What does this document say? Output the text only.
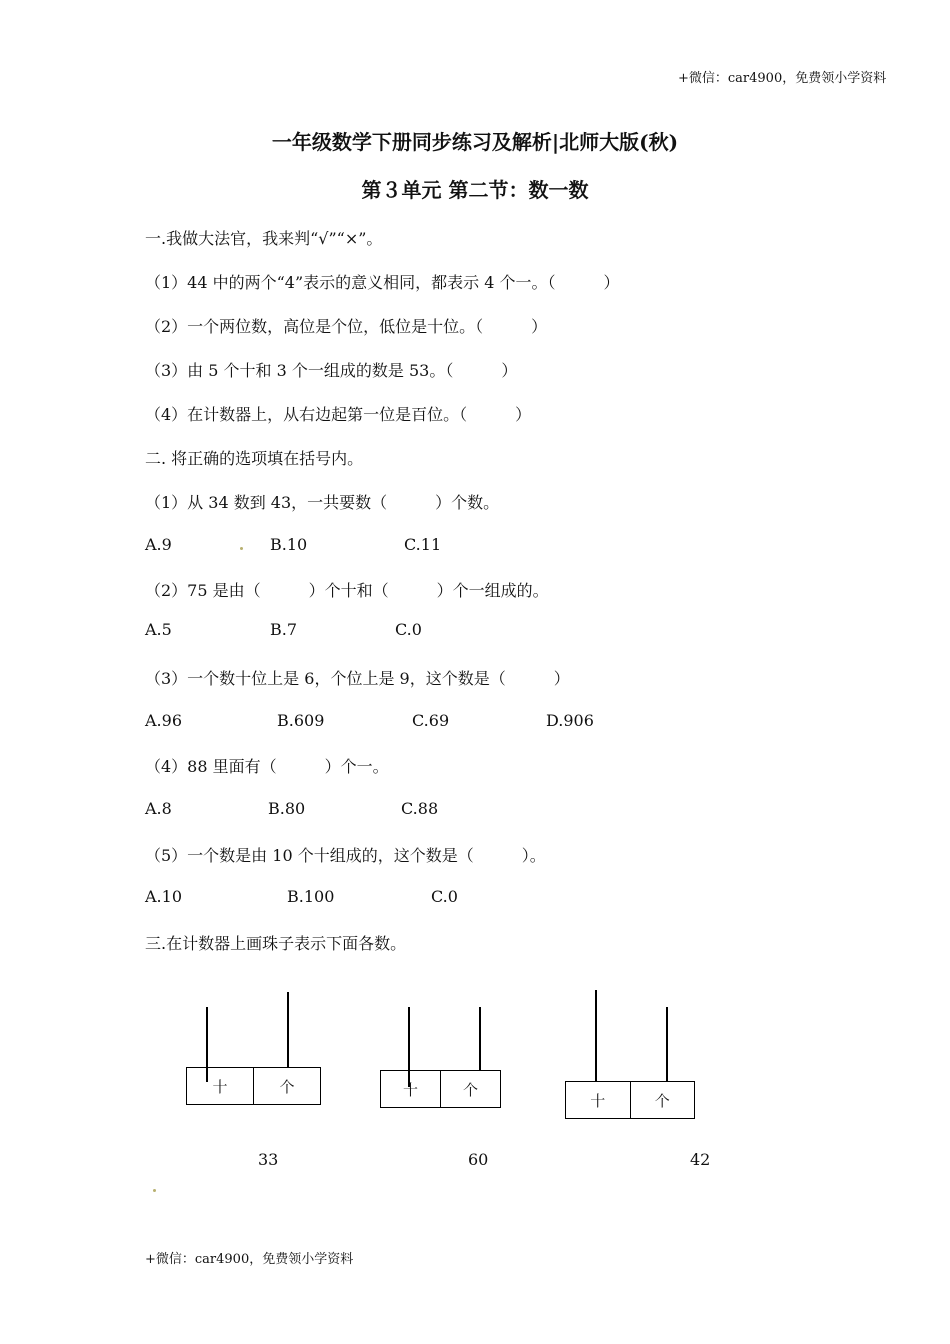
+微信：car4900，免费领小学资料
一年级数学下册同步练习及解析|北师大版(秋)
第３单元 第二节：数一数
一.我做大法官，我来判“√”“×”。
（1）44 中的两个“4”表示的意义相同，都表示 4 个一。（　　　）
（2）一个两位数，高位是个位，低位是十位。（　　　）
（3）由 5 个十和 3 个一组成的数是 53。（　　　）
（4）在计数器上，从右边起第一位是百位。（　　　）
二. 将正确的选项填在括号内。
（1）从 34 数到 43，一共要数（　　　）个数。
A.9	B.10	C.11
（2）75 是由（　　　）个十和（　　　）个一组成的。
A.5	B.7	C.0
（3）一个数十位上是 6，个位上是 9，这个数是（　　　）
A.96	B.609	C.69	D.906
（4）88 里面有（　　　）个一。
A.8	B.80	C.88
（5）一个数是由 10 个十组成的，这个数是（　　　）。
A.10	B.100	C.0
三.在计数器上画珠子表示下面各数。
十	个
33
十	个
60
十	个
42
+微信：car4900，免费领小学资料
